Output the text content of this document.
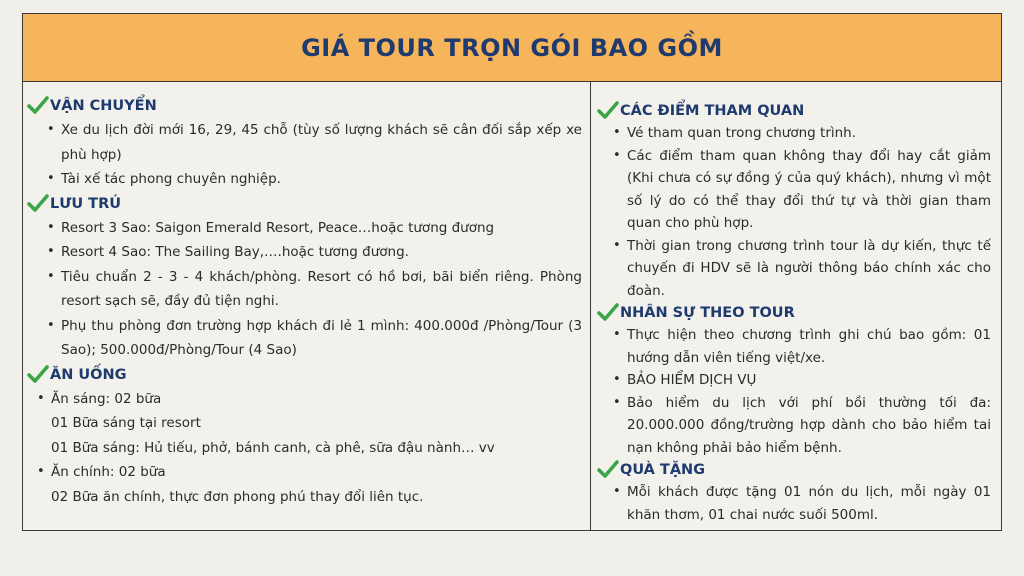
GIÁ TOUR TRỌN GÓI BAO GỒM
VẬN CHUYỂN
• Xe du lịch đời mới 16, 29, 45 chỗ (tùy số lượng khách sẽ cân đối sắp xếp xe phù hợp)
• Tài xế tác phong chuyên nghiệp.
LƯU TRÚ
• Resort 3 Sao: Saigon Emerald Resort, Peace…hoặc tương đương
• Resort 4 Sao: The Sailing Bay,….hoặc tương đương.
• Tiêu chuẩn 2 - 3 - 4 khách/phòng. Resort có hồ bơi, bãi biển riêng. Phòng resort sạch sẽ, đầy đủ tiện nghi.
• Phụ thu phòng đơn trường hợp khách đi lẻ 1 mình: 400.000đ /Phòng/Tour (3 Sao); 500.000đ/Phòng/Tour (4 Sao)
ĂN UỐNG
• Ăn sáng: 02 bữa
01 Bữa sáng tại resort
01 Bữa sáng: Hủ tiếu, phở, bánh canh, cà phê, sữa đậu nành… vv
• Ăn chính: 02 bữa
02 Bữa ăn chính, thực đơn phong phú thay đổi liên tục.
CÁC ĐIỂM THAM QUAN
• Vé tham quan trong chương trình.
• Các điểm tham quan không thay đổi hay cắt giảm (Khi chưa có sự đồng ý của quý khách), nhưng vì một số lý do có thể thay đổi thứ tự và thời gian tham quan cho phù hợp.
• Thời gian trong chương trình tour là dự kiến, thực tế chuyến đi HDV sẽ là người thông báo chính xác cho đoàn.
NHÂN SỰ THEO TOUR
• Thực hiện theo chương trình ghi chú bao gồm: 01 hướng dẫn viên tiếng việt/xe.
• BẢO HIỂM DỊCH VỤ
• Bảo hiểm du lịch với phí bồi thường tối đa: 20.000.000 đồng/trường hợp dành cho bảo hiểm tai nạn không phải bảo hiểm bệnh.
QUÀ TẶNG
• Mỗi khách được tặng 01 nón du lịch, mỗi ngày 01 khăn thơm, 01 chai nước suối 500ml.
